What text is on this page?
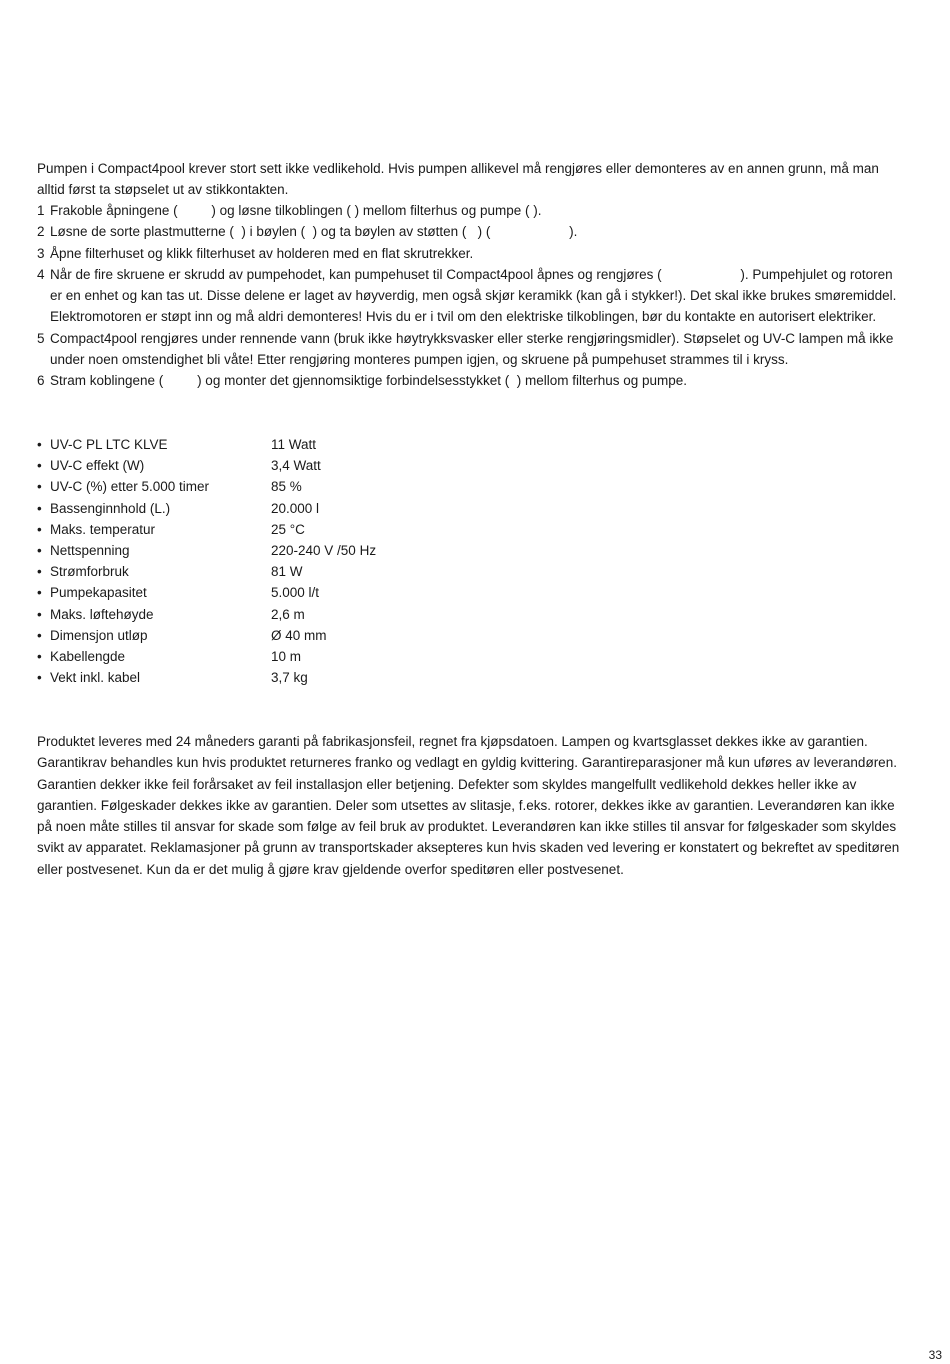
Pumpen i Compact4pool krever stort sett ikke vedlikehold. Hvis pumpen allikevel må rengjøres eller demonteres av en annen grunn, må man alltid først ta støpselet ut av stikkontakten.

1 Frakoble åpningene (         ) og løsne tilkoblingen ( ) mellom filterhus og pumpe ( ).
2 Løsne de sorte plastmutterne (  ) i bøylen (  ) og ta bøylen av støtten (   ) (                     ).
3 Åpne filterhuset og klikk filterhuset av holderen med en flat skrutrekker.
4 Når de fire skruene er skrudd av pumpehodet, kan pumpehuset til Compact4pool åpnes og rengjøres (                     ). Pumpehjulet og rotoren er en enhet og kan tas ut. Disse delene er laget av høyverdig, men også skjør keramikk (kan gå i stykker!). Det skal ikke brukes smøremiddel. Elektromotoren er støpt inn og må aldri demonteres! Hvis du er i tvil om den elektriske tilkoblingen, bør du kontakte en autorisert elektriker.
5 Compact4pool rengjøres under rennende vann (bruk ikke høytrykksvasker eller sterke rengjøringsmidler). Støpselet og UV-C lampen må ikke under noen omstendighet bli våte! Etter rengjøring monteres pumpen igjen, og skruene på pumpehuset strammes til i kryss.
6 Stram koblingene (         ) og monter det gjennomsiktige forbindelsesstykket (  ) mellom filterhus og pumpe.
• UV-C PL LTC KLVE	11 Watt
• UV-C effekt (W)	3,4 Watt
• UV-C (%) etter 5.000 timer	85 %
• Bassenginnhold (L.)	20.000 l
• Maks. temperatur	25 °C
• Nettspenning	220-240 V /50 Hz
• Strømforbruk	81 W
• Pumpekapasitet	5.000 l/t
• Maks. løftehøyde	2,6 m
• Dimensjon utløp	Ø 40 mm
• Kabellengde	10 m
• Vekt inkl. kabel	3,7 kg

Produktet leveres med 24 måneders garanti på fabrikasjonsfeil, regnet fra kjøpsdatoen. Lampen og kvartsglasset dekkes ikke av garantien. Garantikrav behandles kun hvis produktet returneres franko og vedlagt en gyldig kvittering. Garantireparasjoner må kun uføres av leverandøren. Garantien dekker ikke feil forårsaket av feil installasjon eller betjening. Defekter som skyldes mangelfullt vedlikehold dekkes heller ikke av garantien. Følgeskader dekkes ikke av garantien. Deler som utsettes av slitasje, f.eks. rotorer, dekkes ikke av garantien. Leverandøren kan ikke på noen måte stilles til ansvar for skade som følge av feil bruk av produktet. Leverandøren kan ikke stilles til ansvar for følgeskader som skyldes svikt av apparatet. Reklamasjoner på grunn av transportskader aksepteres kun hvis skaden ved levering er konstatert og bekreftet av speditøren eller postvesenet. Kun da er det mulig å gjøre krav gjeldende overfor speditøren eller postvesenet.

33
